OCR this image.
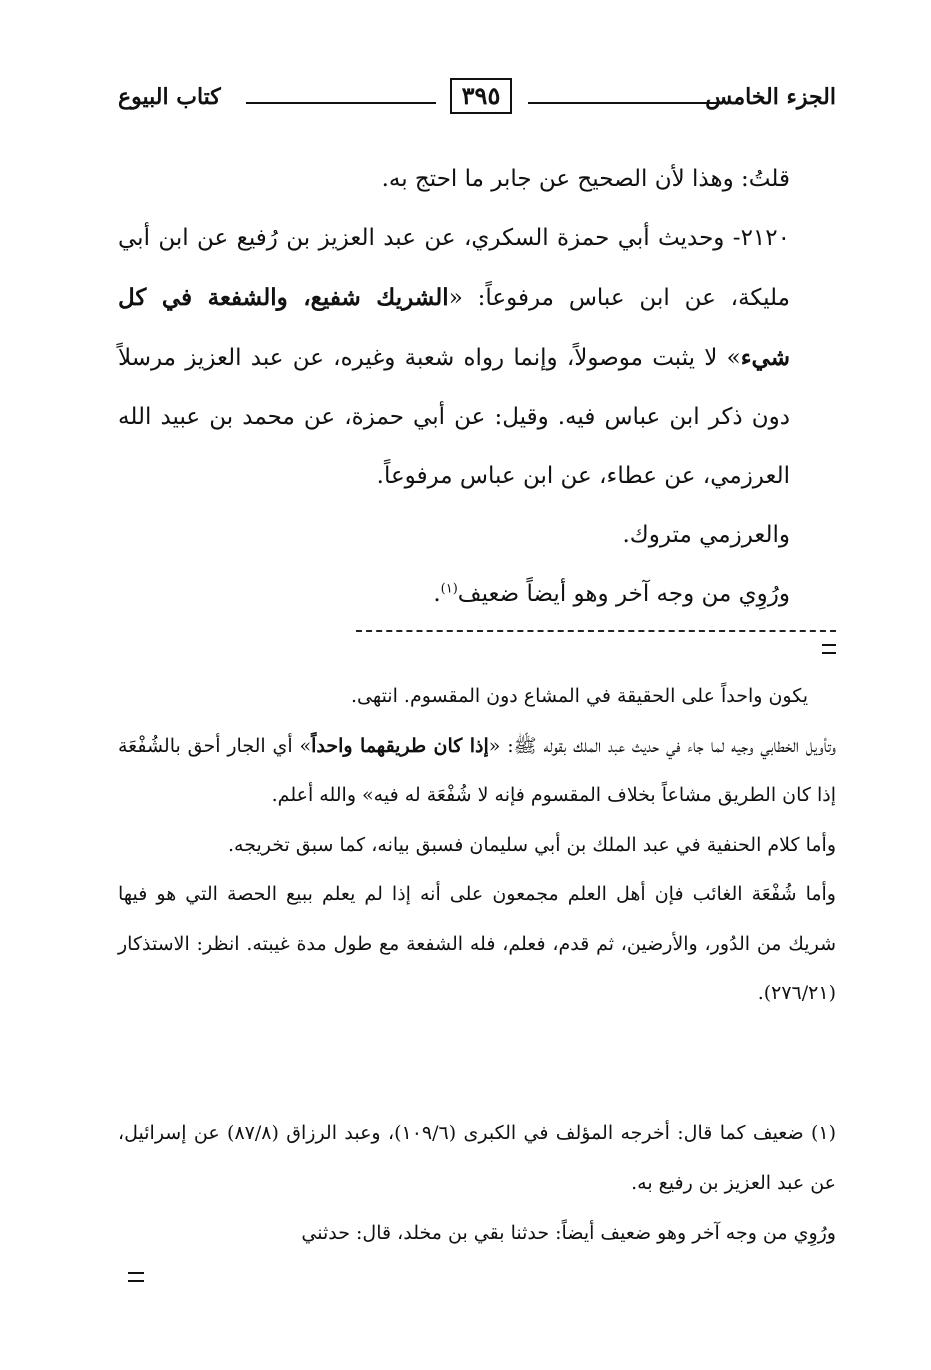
الجزء الخامس
٣٩٥
كتاب البيوع

قلتُ: وهذا لأن الصحيح عن جابر ما احتج به.

٢١٢٠- وحديث أبي حمزة السكري، عن عبد العزيز بن رُفيع عن ابن أبي مليكة، عن ابن عباس مرفوعاً: «الشريك شفيع، والشفعة في كل شيء» لا يثبت موصولاً، وإنما رواه شعبة وغيره، عن عبد العزيز مرسلاً دون ذكر ابن عباس فيه. وقيل: عن أبي حمزة، عن محمد بن عبيد الله العرزمي، عن عطاء، عن ابن عباس مرفوعاً.

والعرزمي متروك.

ورُوِي من وجه آخر وهو أيضاً ضعيف$^{(١)}$.

يكون واحداً على الحقيقة في المشاع دون المقسوم. انتهى.

وتأويل الخطابي وجيه لما جاء في حديث عبد الملك بقوله ﷺ: «إذا كان طريقهما واحداً» أي الجار أحق بالشُفْعَة إذا كان الطريق مشاعاً بخلاف المقسوم فإنه لا شُفْعَة له فيه» والله أعلم.

وأما كلام الحنفية في عبد الملك بن أبي سليمان فسبق بيانه، كما سبق تخريجه.

وأما شُفْعَة الغائب فإن أهل العلم مجمعون على أنه إذا لم يعلم ببيع الحصة التي هو فيها شريك من الدُور، والأرضين، ثم قدم، فعلم، فله الشفعة مع طول مدة غيبته. انظر: الاستذكار (٢٧٦/٢١).

(١) ضعيف كما قال: أخرجه المؤلف في الكبرى (١٠٩/٦)، وعبد الرزاق (٨٧/٨) عن إسرائيل، عن عبد العزيز بن رفيع به.

ورُوِي من وجه آخر وهو ضعيف أيضاً: حدثنا بقي بن مخلد، قال: حدثني
